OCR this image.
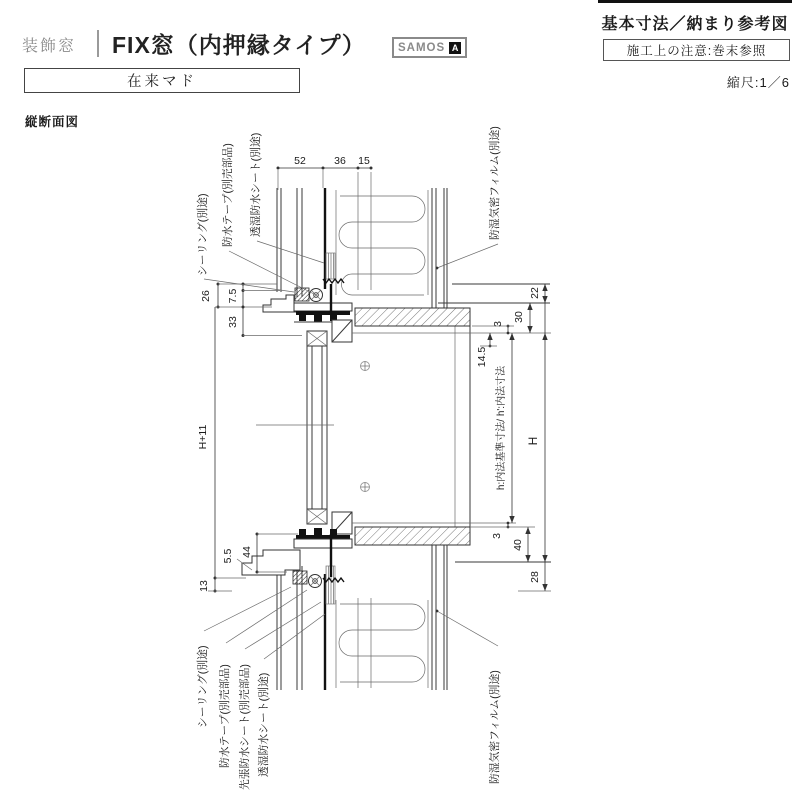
装飾窓 FIX窓（内押縁タイプ）	SAMOS A
基本寸法／納まり参考図
施工上の注意:巻末参照
縮尺:1／6
在来マド
縦断面図
52	36 15
26 7.5
33
H+11
5.5 44
13
22
30
3
14.5
h:内法基準寸法/ h':内法寸法 H
3
40
28
シーリング(別途) 防水テープ(別売部品) 透湿防水シート(別途)	防湿気密フィルム(別途)
シーリング(別途) 防水テープ(別売部品) 先張防水シート(別売部品) 透湿防水シート(別途)	防湿気密フィルム(別途)
